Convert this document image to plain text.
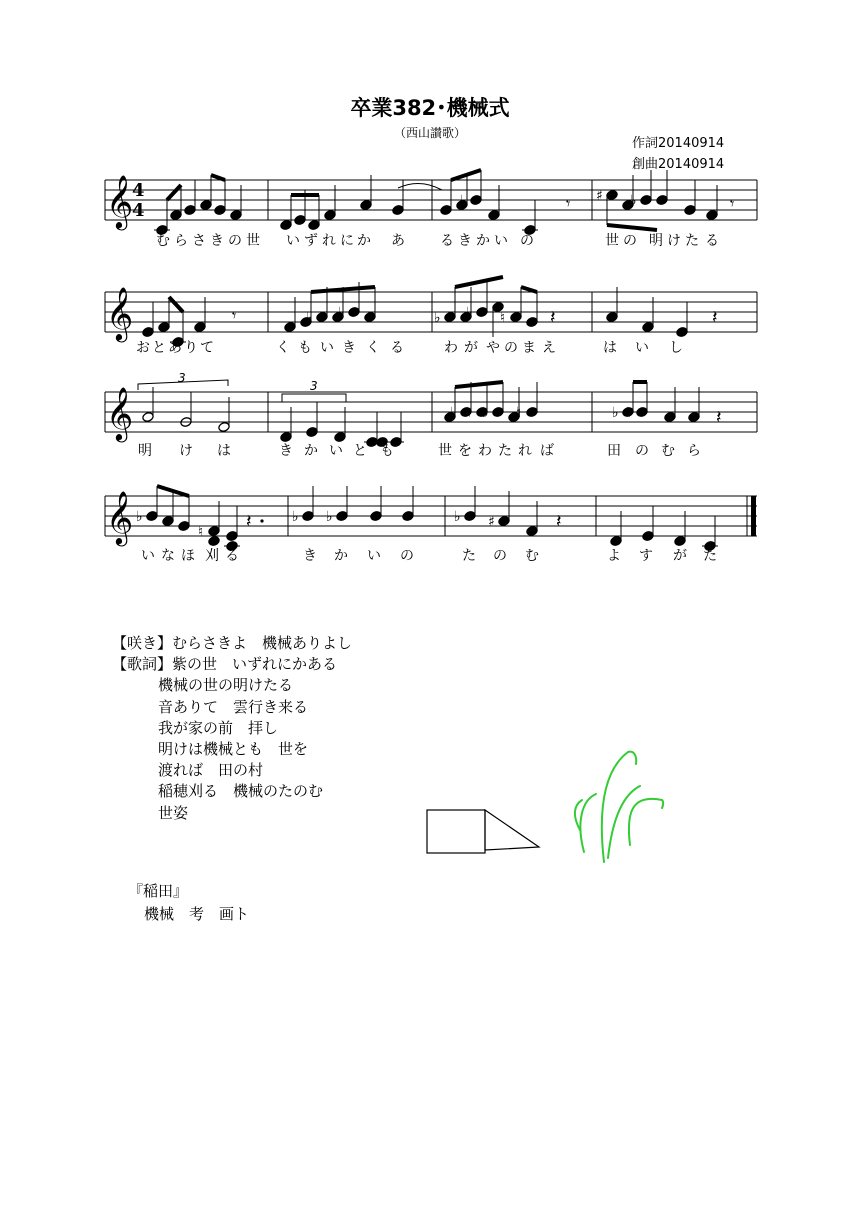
卒業382･機械式
（西山讃歌）
作詞20140914
創曲20140914
𝄞
𝄞
𝄞
𝄞
4
4	♭	𝄾 ♯ ♭	𝄾
𝄾	♭ ♭	♭ ♭ ♮ 𝄽	𝄽
3
3
♭ ♮ ♭ ♮	♭ ♮	𝄽
♭
♮ 𝄽	♭ ♭	♭ ♯	𝄽
む ら さ き の 世 い ず れ に か あ	る き か い の	世 の 明 け た る
お と あ り て	く も い き く る	わ が や の ま え	は い し
明 け は	き か い と も	世 を わ た れ ば	田 の む ら
い な ほ 刈 る	き か い の	た の む	よ す が た
【咲き】むらさきよ　機械ありよし
【歌詞】紫の世　いずれにかある
機械の世の明けたる
音ありて　雲行き来る
我が家の前　拝し
明けは機械とも　世を
渡れば　田の村
稲穂刈る　機械のたのむ
世姿
『稲田』
機械　考　画ト
